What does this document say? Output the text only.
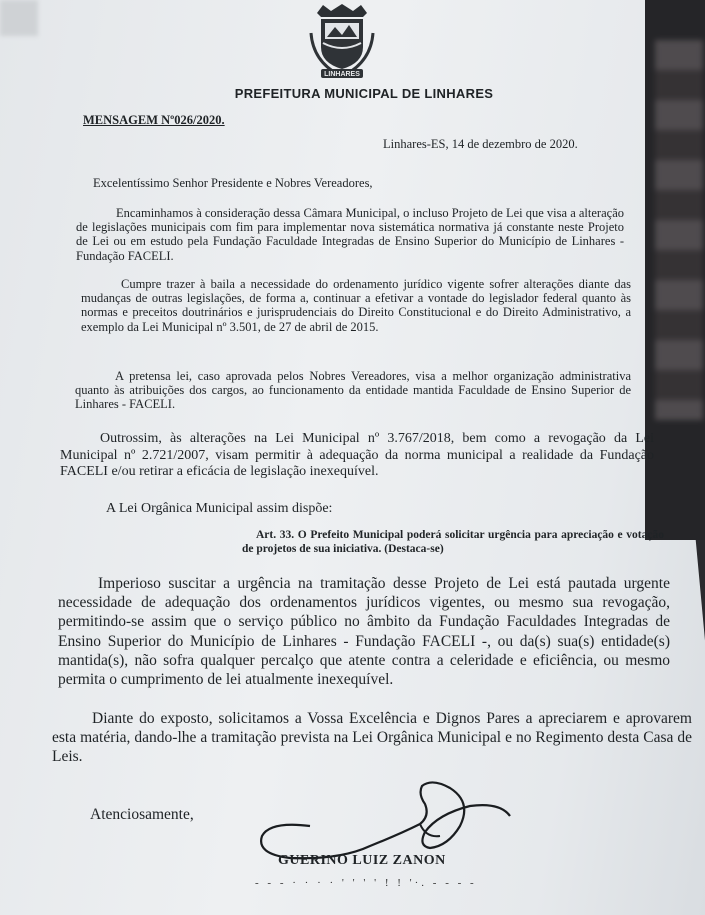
LINHARES
PREFEITURA MUNICIPAL DE LINHARES
MENSAGEM Nº026/2020.
Linhares-ES, 14 de dezembro de 2020.
Excelentíssimo Senhor Presidente e Nobres Vereadores,
Encaminhamos à consideração dessa Câmara Municipal, o incluso Projeto de Lei que visa a alteração de legislações municipais com fim para implementar nova sistemática normativa já constante neste Projeto de Lei ou em estudo pela Fundação Faculdade Integradas de Ensino Superior do Município de Linhares - Fundação FACELI.
Cumpre trazer à baila a necessidade do ordenamento jurídico vigente sofrer alterações diante das mudanças de outras legislações, de forma a, continuar a efetivar a vontade do legislador federal quanto às normas e preceitos doutrinários e jurisprudenciais do Direito Constitucional e do Direito Administrativo, a exemplo da Lei Municipal nº 3.501, de 27 de abril de 2015.
A pretensa lei, caso aprovada pelos Nobres Vereadores, visa a melhor organização administrativa quanto às atribuições dos cargos, ao funcionamento da entidade mantida Faculdade de Ensino Superior de Linhares - FACELI.
Outrossim, às alterações na Lei Municipal nº 3.767/2018, bem como a revogação da Lei Municipal nº 2.721/2007, visam permitir à adequação da norma municipal a realidade da Fundação FACELI e/ou retirar a eficácia de legislação inexequível.
A Lei Orgânica Municipal assim dispõe:
Art. 33. O Prefeito Municipal poderá solicitar urgência para apreciação e votação de projetos de sua iniciativa. (Destaca-se)
Imperioso suscitar a urgência na tramitação desse Projeto de Lei está pautada urgente necessidade de adequação dos ordenamentos jurídicos vigentes, ou mesmo sua revogação, permitindo-se assim que o serviço público no âmbito da Fundação Faculdades Integradas de Ensino Superior do Município de Linhares - Fundação FACELI -, ou da(s) sua(s) entidade(s) mantida(s), não sofra qualquer percalço que atente contra a celeridade e eficiência, ou mesmo permita o cumprimento de lei atualmente inexequível.
Diante do exposto, solicitamos a Vossa Excelência e Dignos Pares a apreciarem e aprovarem esta matéria, dando-lhe a tramitação prevista na Lei Orgânica Municipal e no Regimento desta Casa de Leis.
Atenciosamente,
GUERINO LUIZ ZANON
- - - · · · · ' ' ' ' ! ! '·. - - - -
